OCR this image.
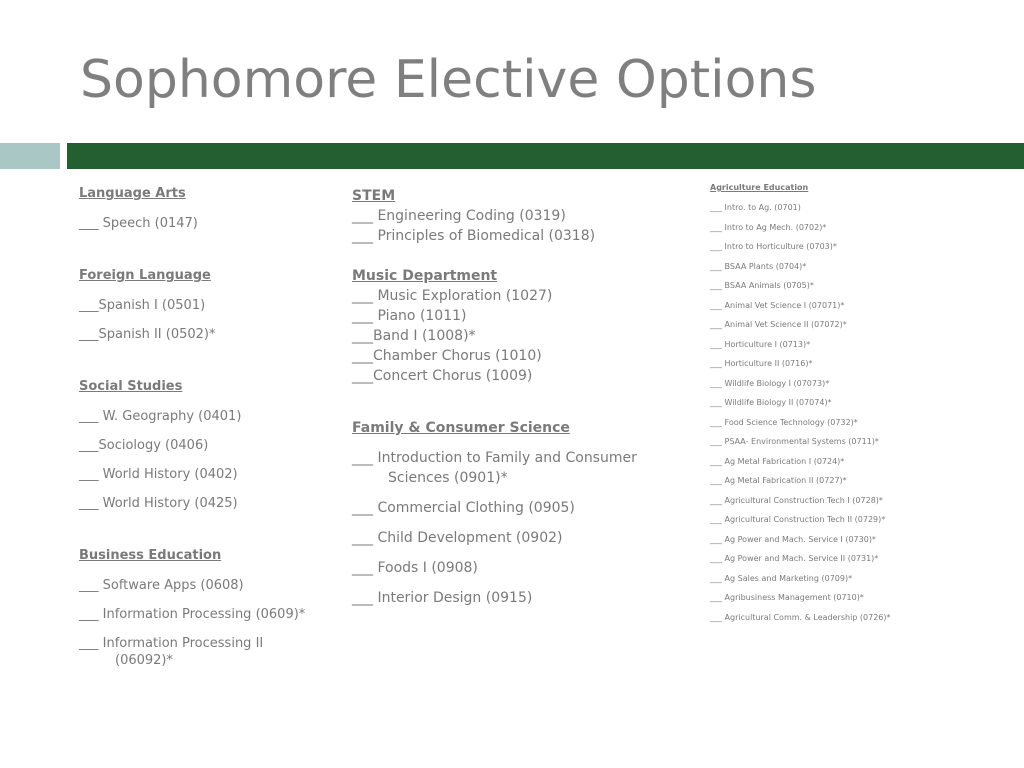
Sophomore Elective Options
Language Arts
___ Speech (0147)
Foreign Language
___Spanish I (0501)
___Spanish II (0502)*
Social Studies
___ W. Geography (0401)
___Sociology (0406)
___ World History (0402)
___ World History (0425)
Business Education
___ Software Apps (0608)
___ Information Processing (0609)*
___ Information Processing II
(06092)*
STEM
___ Engineering Coding (0319)
___ Principles of Biomedical (0318)
Music Department
___ Music Exploration (1027)
___ Piano (1011)
___Band I (1008)*
___Chamber Chorus (1010)
___Concert Chorus (1009)
Family & Consumer Science
___ Introduction to Family and Consumer
Sciences (0901)*
___ Commercial Clothing (0905)
___ Child Development (0902)
___ Foods I (0908)
___ Interior Design (0915)
Agriculture Education
___ Intro. to Ag. (0701)
___ Intro to Ag Mech. (0702)*
___ Intro to Horticulture (0703)*
___ BSAA Plants (0704)*
___ BSAA Animals (0705)*
___ Animal Vet Science I (07071)*
___ Animal Vet Science II (07072)*
___ Horticulture I (0713)*
___ Horticulture II (0716)*
___ Wildlife Biology I (07073)*
___ Wildlife Biology II (07074)*
___ Food Science Technology (0732)*
___ PSAA- Environmental Systems (0711)*
___ Ag Metal Fabrication I (0724)*
___ Ag Metal Fabrication II (0727)*
___ Agricultural Construction Tech I (0728)*
___ Agricultural Construction Tech II (0729)*
___ Ag Power and Mach. Service I (0730)*
___ Ag Power and Mach. Service II (0731)*
___ Ag Sales and Marketing (0709)*
___ Agribusiness Management (0710)*
___ Agricultural Comm. & Leadership (0726)*
